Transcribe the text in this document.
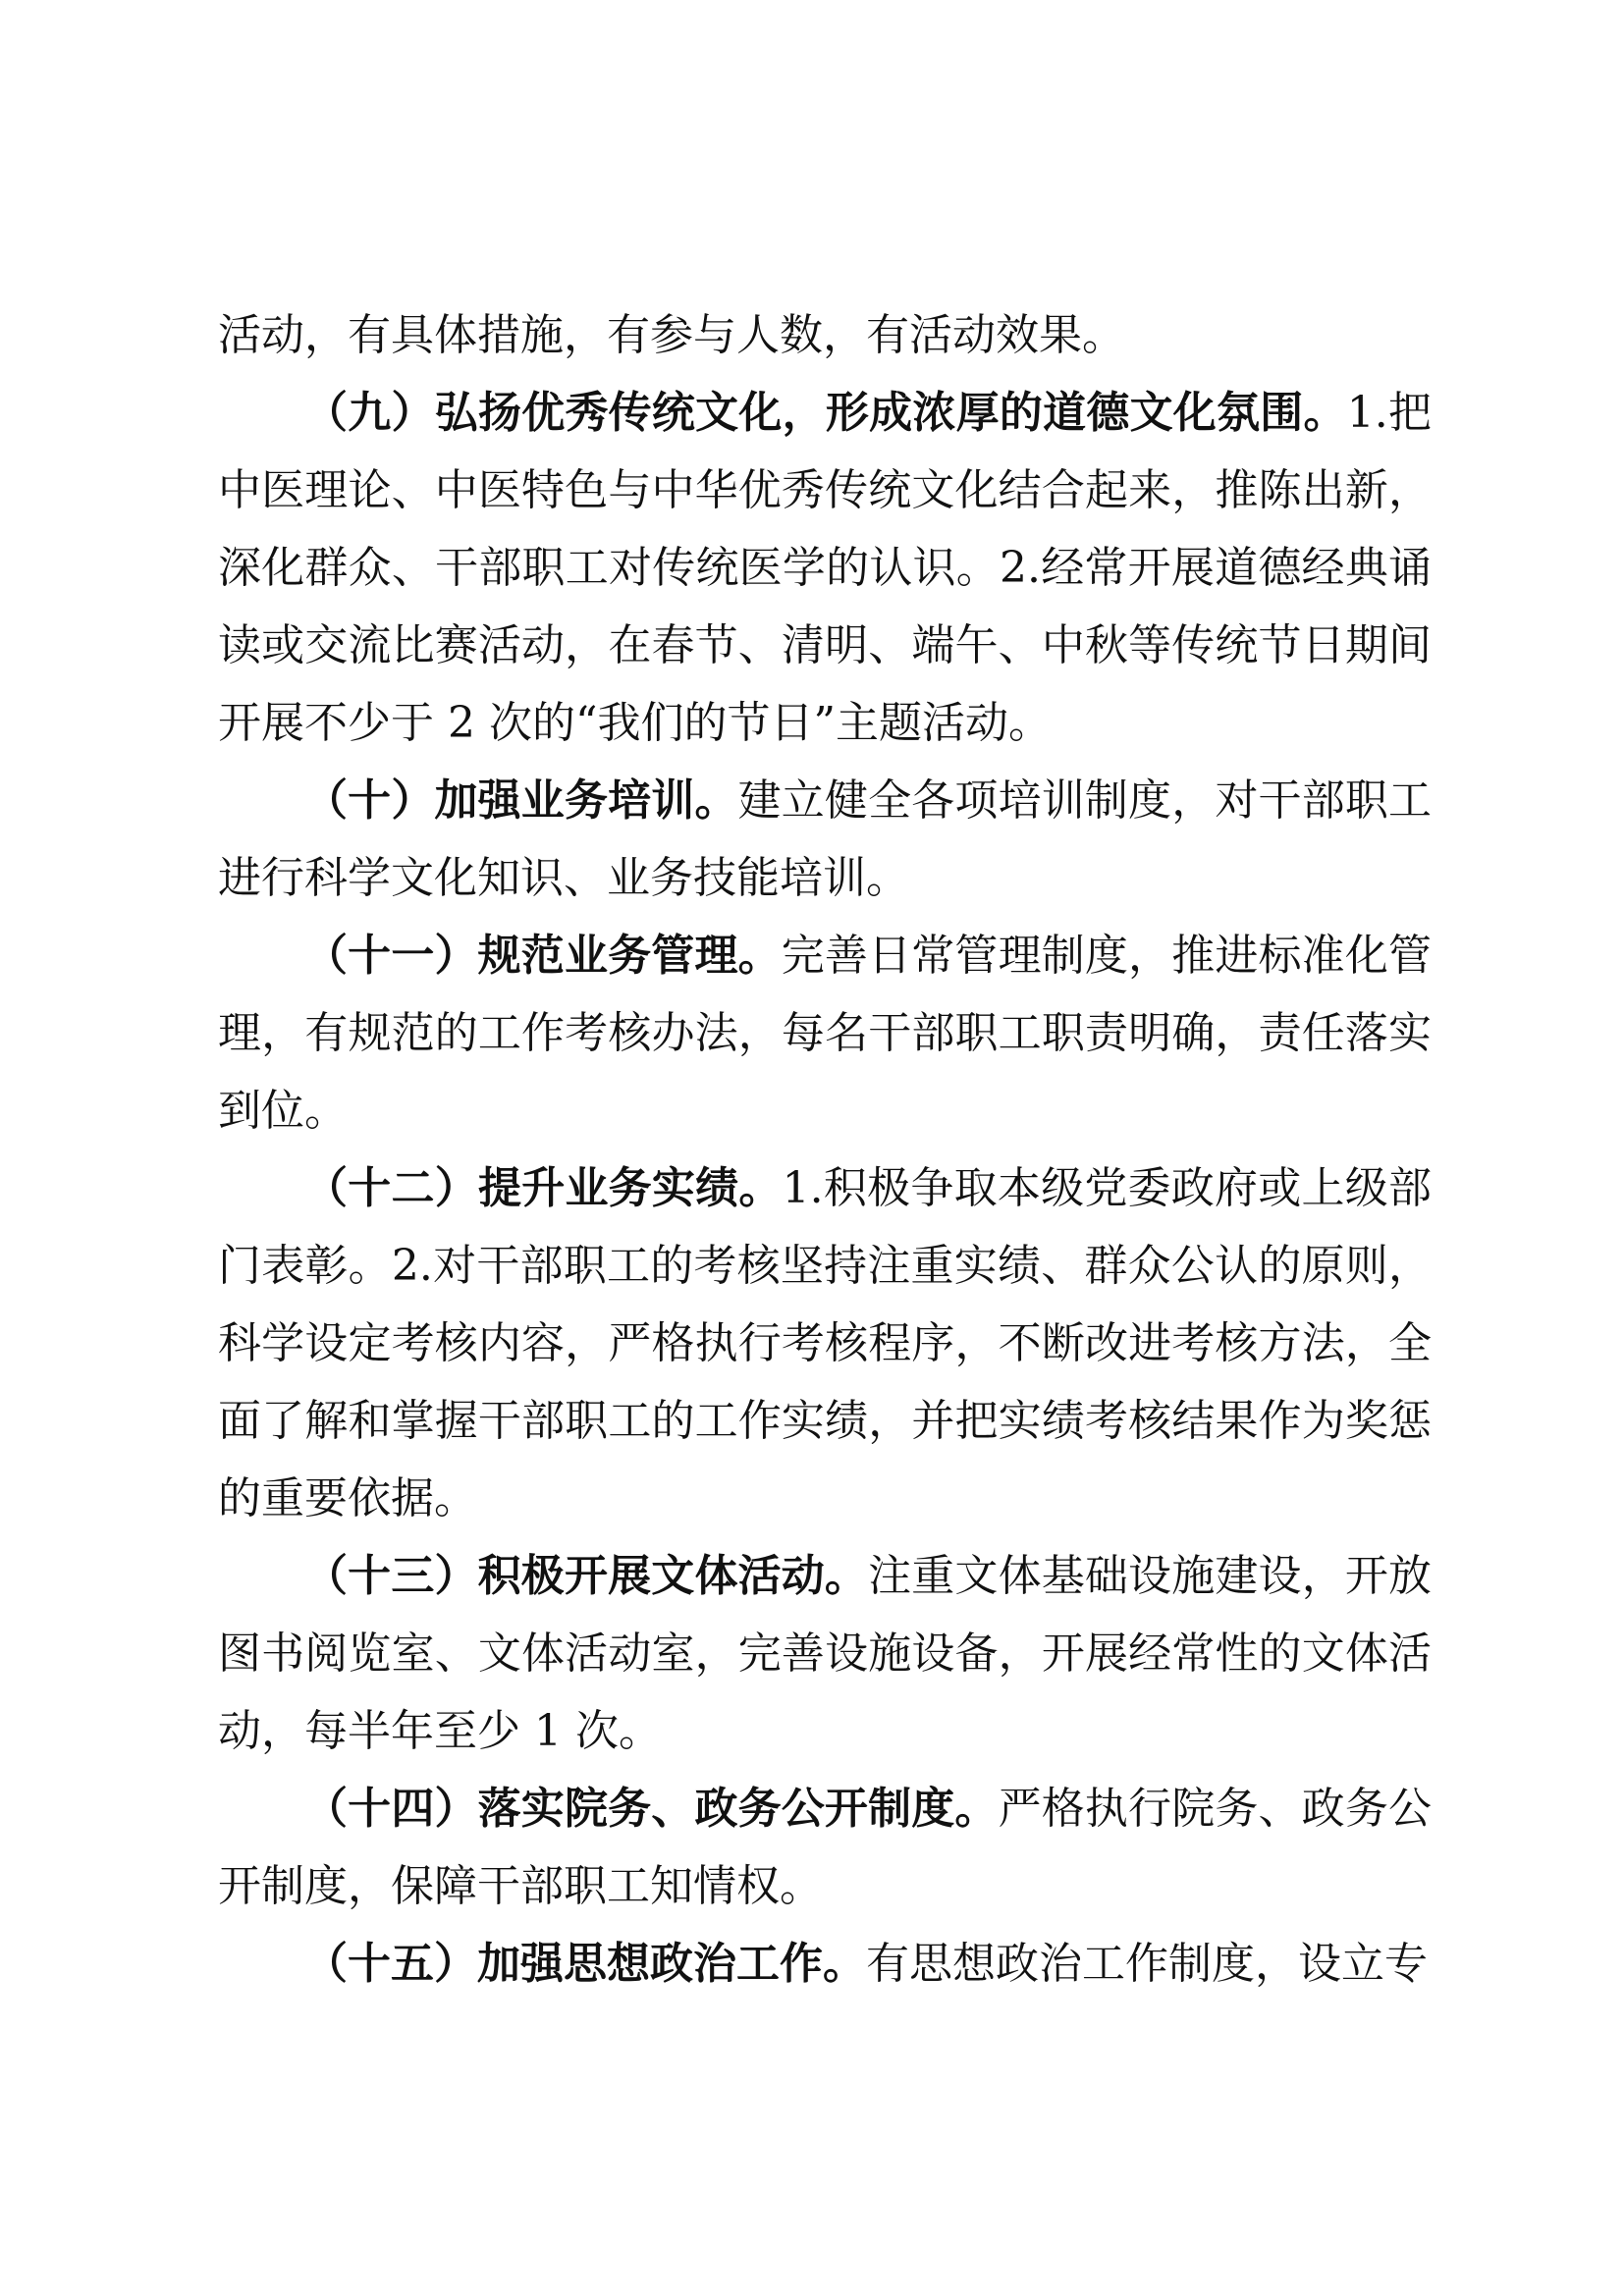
活动，有具体措施，有参与人数，有活动效果。

（九）弘扬优秀传统文化，形成浓厚的道德文化氛围。1.把中医理论、中医特色与中华优秀传统文化结合起来，推陈出新，深化群众、干部职工对传统医学的认识。2.经常开展道德经典诵读或交流比赛活动，在春节、清明、端午、中秋等传统节日期间开展不少于 2 次的“我们的节日”主题活动。

（十）加强业务培训。建立健全各项培训制度，对干部职工进行科学文化知识、业务技能培训。

（十一）规范业务管理。完善日常管理制度，推进标准化管理，有规范的工作考核办法，每名干部职工职责明确，责任落实到位。

（十二）提升业务实绩。1.积极争取本级党委政府或上级部门表彰。2.对干部职工的考核坚持注重实绩、群众公认的原则，科学设定考核内容，严格执行考核程序，不断改进考核方法，全面了解和掌握干部职工的工作实绩，并把实绩考核结果作为奖惩的重要依据。

（十三）积极开展文体活动。注重文体基础设施建设，开放图书阅览室、文体活动室，完善设施设备，开展经常性的文体活动，每半年至少 1 次。

（十四）落实院务、政务公开制度。严格执行院务、政务公开制度，保障干部职工知情权。

（十五）加强思想政治工作。有思想政治工作制度，设立专
